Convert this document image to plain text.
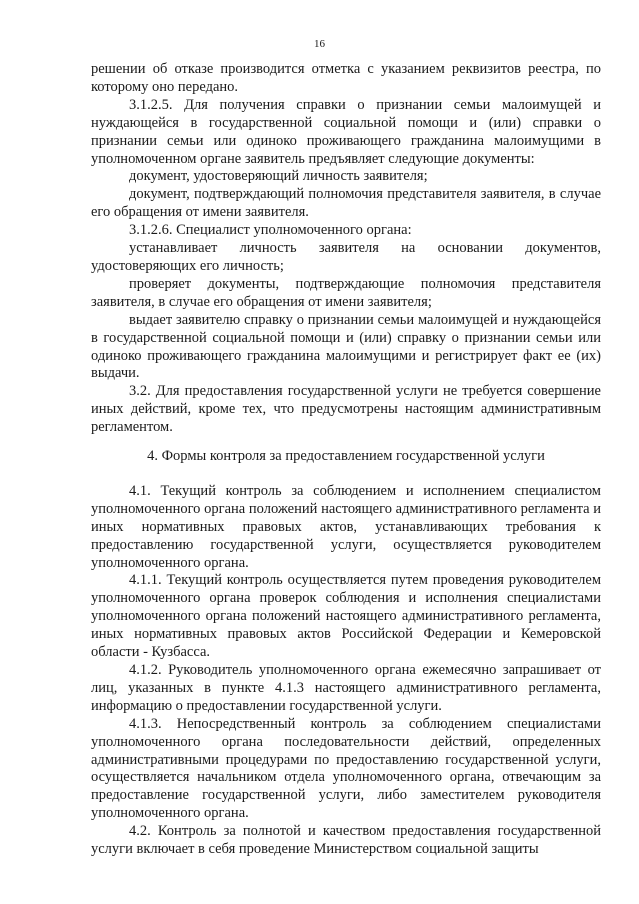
16

решении об отказе производится отметка с указанием реквизитов реестра, по которому оно передано.

3.1.2.5. Для получения справки о признании семьи малоимущей и нуждающейся в государственной социальной помощи и (или) справки о признании семьи или одиноко проживающего гражданина малоимущими в уполномоченном органе заявитель предъявляет следующие документы:

документ, удостоверяющий личность заявителя;

документ, подтверждающий полномочия представителя заявителя, в случае его обращения от имени заявителя.

3.1.2.6. Специалист уполномоченного органа:

устанавливает личность заявителя на основании документов, удостоверяющих его личность;

проверяет документы, подтверждающие полномочия представителя заявителя, в случае его обращения от имени заявителя;

выдает заявителю справку о признании семьи малоимущей и нуждающейся в государственной социальной помощи и (или) справку о признании семьи или одиноко проживающего гражданина малоимущими и регистрирует факт ее (их) выдачи.

3.2. Для предоставления государственной услуги не требуется совершение иных действий, кроме тех, что предусмотрены настоящим административным регламентом.

4. Формы контроля за предоставлением государственной услуги

4.1. Текущий контроль за соблюдением и исполнением специалистом уполномоченного органа положений настоящего административного регламента и иных нормативных правовых актов, устанавливающих требования к предоставлению государственной услуги, осуществляется руководителем уполномоченного органа.

4.1.1. Текущий контроль осуществляется путем проведения руководителем уполномоченного органа проверок соблюдения и исполнения специалистами уполномоченного органа положений настоящего административного регламента, иных нормативных правовых актов Российской Федерации и Кемеровской области - Кузбасса.

4.1.2. Руководитель уполномоченного органа ежемесячно запрашивает от лиц, указанных в пункте 4.1.3 настоящего административного регламента, информацию о предоставлении государственной услуги.

4.1.3. Непосредственный контроль за соблюдением специалистами уполномоченного органа последовательности действий, определенных административными процедурами по предоставлению государственной услуги, осуществляется начальником отдела уполномоченного органа, отвечающим за предоставление государственной услуги, либо заместителем руководителя уполномоченного органа.

4.2. Контроль за полнотой и качеством предоставления государственной услуги включает в себя проведение Министерством социальной защиты
